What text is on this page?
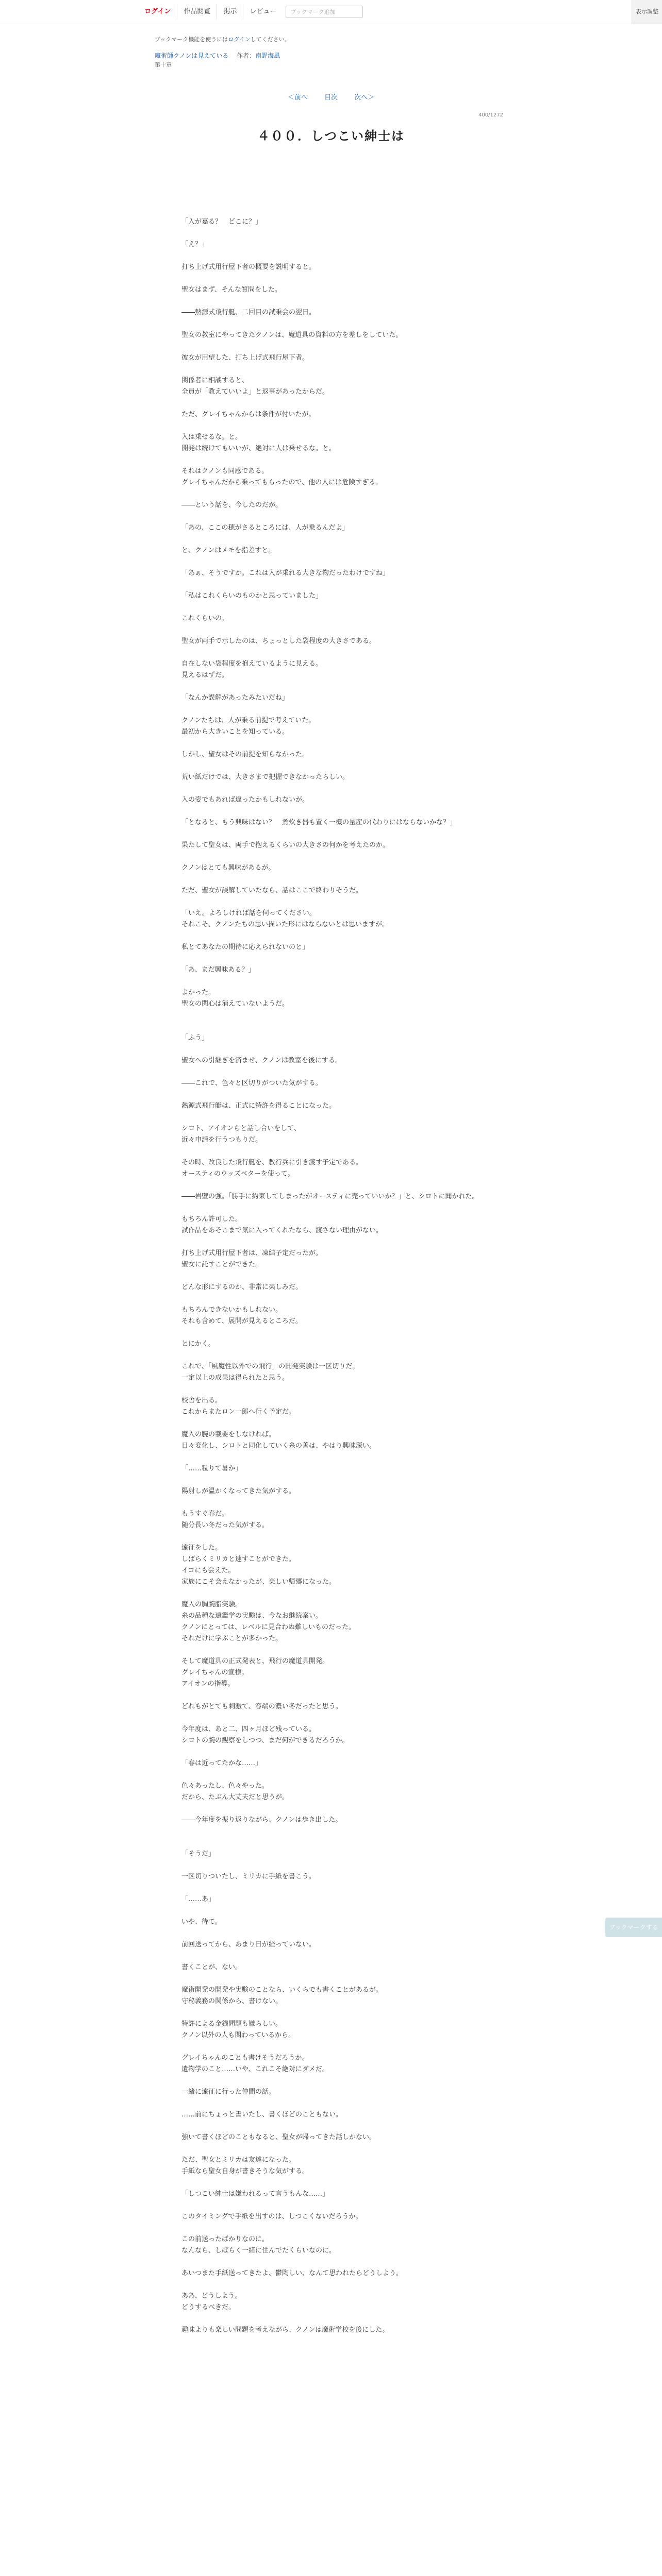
ログイン	作品閲覧	掲示	レビュー
ブックマーク追加	表示調整
ブックマーク機能を使うにはログインしてください。
魔術師クノンは見えている 作者：南野海風
第十章
＜前へ 目次 次へ＞
400/1272
４００．しつこい紳士は

「入が嘉る？　どこに？」

「え？」

打ち上げ式用行屋下者の概要を説明すると。

聖女はまず、そんな質問をした。

――熱源式飛行艇、二回目の試乗会の翌日。

聖女の教室にやってきたクノンは、魔道具の資料の方を差しをしていた。

彼女が用望した、打ち上げ式飛行屋下者。

関係者に相談すると、
全員が「教えていいよ」と返事があったからだ。

ただ、グレイちゃんからは条件が付いたが。

入は乗せるな。と。
開発は続けてもいいが、絶対に人は乗せるな。と。

それはクノンも同感である。
グレイちゃんだから乗ってもらったので、他の人には危険すぎる。

――という話を、今したのだが。

「あの、ここの穂がさるところには、人が乗るんだよ」

と、クノンはメモを指差すと。

「あぁ、そうですか。これは入が乗れる大きな物だったわけですね」

「私はこれくらいのものかと思っていました」

これくらいの。

聖女が両手で示したのは、ちょっとした袋程度の大きさである。

自在しない袋程度を抱えているように見える。
見えるはずだ。

「なんか誤解があったみたいだね」

クノンたちは、人が乗る前提で考えていた。
最初から大きいことを知っている。

しかし、聖女はその前提を知らなかった。

荒い紙だけでは、大きさまで把握できなかったらしい。

入の姿でもあれば違ったかもしれないが。

「となると、もう興味はない？　煮炊き器も置く一機の量産の代わりにはならないかな？」

果たして聖女は、両手で抱えるくらいの大きさの何かを考えたのか。

クノンはとても興味があるが。

ただ、聖女が誤解していたなら、話はここで終わりそうだ。

「いえ。よろしければ話を伺ってください。
それこそ、クノンたちの思い描いた形にはならないとは思いますが。

私とてあなたの期待に応えられないのと」

「あ、まだ興味ある？」

よかった。
聖女の関心は消えていないようだ。

「ふう」

聖女への引継ぎを済ませ、クノンは教室を後にする。

――これで、色々と区切りがついた気がする。

熱源式飛行艇は、正式に特許を得ることになった。

シロト、アイオンらと話し合いをして、
近々申請を行うつもりだ。

その時、改良した飛行艇を、教行兵に引き渡す予定である。
オースティのウッズベターを使って。

――岩壁の強。「勝手に約束してしまったがオースティに売っていいか？」と、シロトに聞かれた。

もちろん許可した。
試作品をあそこまで気に入ってくれたなら、渡さない理由がない。

打ち上げ式用行屋下者は、凍結予定だったが。
聖女に託すことができた。

どんな形にするのか、非常に楽しみだ。

もちろんできないかもしれない。
それも含めて、展開が見えるところだ。

とにかく。

これで、「風魔性以外での飛行」の開発実験は一区切りだ。
一定以上の成果は得られたと思う。

校舎を出る。
これからまたロン一郎へ行く予定だ。

魔入の腕の載要をしなければ。
日々変化し、シロトと同化していく糸の善は、やはり興味深い。

「……粒りて暑か」

陽射しが温かくなってきた気がする。

もうすぐ春だ。
随分長い冬だった気がする。

遠征をした。
しばらくミリカと速すことができた。
イコにも会えた。
家族にこそ会えなかったが、楽しい帰郷になった。

魔入の胸腕脂実験。
糸の品種な遠鑑学の実験は、今なお継続案い。
クノンにとっては、レベルに見合わぬ難しいものだった。
それだけに学ぶことが多かった。

そして魔道具の正式発表と、飛行の魔道具開発。
グレイちゃんの宣様。
アイオンの指導。

どれもがとても刺激て、容端の濃い冬だったと思う。

今年度は、あと二、四ヶ月ほど残っている。
シロトの腕の観察をしつつ、まだ何ができるだろうか。

「春は近ってたかな……」

色々あったし、色々やった。
だから、たぶん大丈夫だと思うが。

――今年度を振り返りながら、クノンは歩き出した。

「そうだ」

一区切りついたし、ミリカに手紙を書こう。

「……あ」

いや、待て。

前回送ってから、あまり日が経っていない。

書くことが、ない。

魔術開発の開発や実験のことなら、いくらでも書くことがあるが。
守秘義務の関係から、書けない。

特許による金銭問題も嫌らしい。
クノン以外の人も関わっているから。

グレイちゃんのことも書けそうだろうか。
遺物学のこと……いや、これこそ絶対にダメだ。

一緒に遠征に行った仲間の話。

……前にちょっと書いたし、書くほどのこともない。

強いて書くほどのこともなると、聖女が帰ってきた話しかない。

ただ、聖女とミリカは友達になった。
手紙なら聖女自身が書きそうな気がする。

「しつこい紳士は嫌われるって言うもんな……」

このタイミングで手紙を出すのは、しつこくないだろうか。

この前送ったばかりなのに。
なんなら、しばらく一緒に住んでたくらいなのに。

あいつまた手紙送ってきたよ、鬱陶しい、なんて思われたらどうしよう。

ああ、どうしよう。
どうするべきだ。

趣味よりも楽しい問題を考えながら、クノンは魔術学校を後にした。

ブックマークする
